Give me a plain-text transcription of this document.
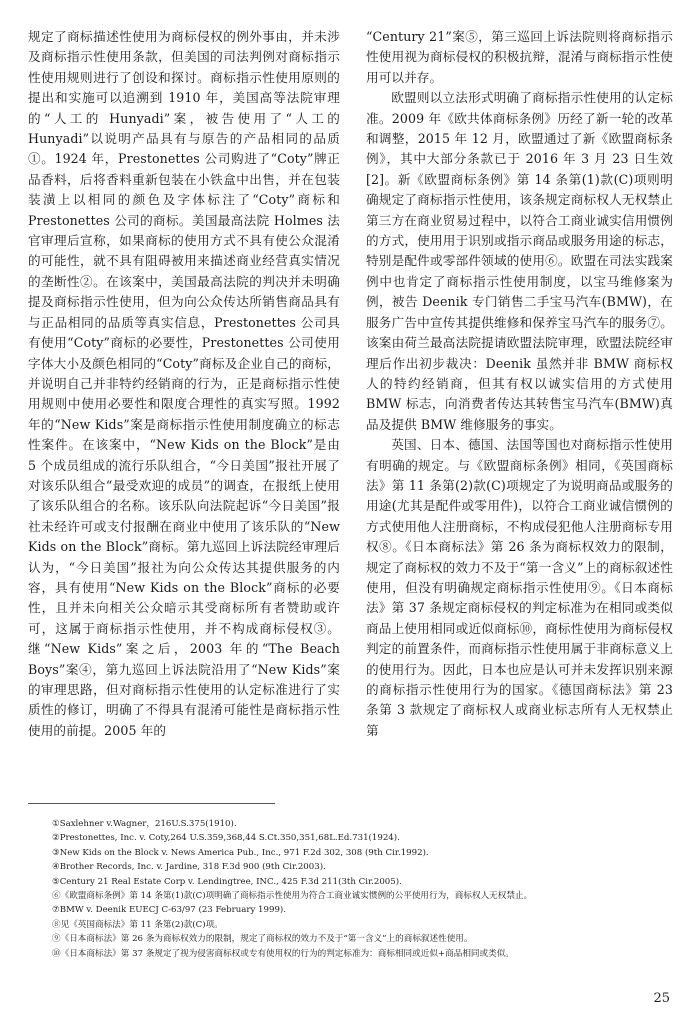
规定了商标描述性使用为商标侵权的例外事由，并未涉及商标指示性使用条款，但美国的司法判例对商标指示性使用规则进行了创设和探讨。商标指示性使用原则的提出和实施可以追溯到 1910 年，美国高等法院审理的“人工的 Hunyadi”案，被告使用了“人工的 Hunyadi”以说明产品具有与原告的产品相同的品质①。1924 年，Prestonettes 公司购进了“Coty”牌正品香料，后将香料重新包装在小铁盒中出售，并在包装装潢上以相同的颜色及字体标注了“Coty”商标和 Prestonettes 公司的商标。美国最高法院 Holmes 法官审理后宣称，如果商标的使用方式不具有使公众混淆的可能性，就不具有阻碍被用来描述商业经营真实情况的垄断性②。在该案中，美国最高法院的判决并未明确提及商标指示性使用，但为向公众传达所销售商品具有与正品相同的品质等真实信息，Prestonettes 公司具有使用“Coty”商标的必要性，Prestonettes 公司使用字体大小及颜色相同的“Coty”商标及企业自己的商标，并说明自己并非特约经销商的行为，正是商标指示性使用规则中使用必要性和限度合理性的真实写照。1992 年的“New Kids”案是商标指示性使用制度确立的标志性案件。在该案中，“New Kids on the Block”是由 5 个成员组成的流行乐队组合，“今日美国”报社开展了对该乐队组合“最受欢迎的成员”的调查，在报纸上使用了该乐队组合的名称。该乐队向法院起诉“今日美国”报社未经许可或支付报酬在商业中使用了该乐队的“New Kids on the Block”商标。第九巡回上诉法院经审理后认为，“今日美国”报社为向公众传达其提供服务的内容，具有使用“New Kids on the Block”商标的必要性，且并未向相关公众暗示其受商标所有者赞助或许可，这属于商标指示性使用，并不构成商标侵权③。继“New Kids”案之后，2003 年的“The Beach Boys”案④，第九巡回上诉法院沿用了“New Kids”案的审理思路，但对商标指示性使用的认定标准进行了实质性的修订，明确了不得具有混淆可能性是商标指示性使用的前提。2005 年的

“Century 21”案⑤，第三巡回上诉法院则将商标指示性使用视为商标侵权的积极抗辩，混淆与商标指示性使用可以并存。

欧盟则以立法形式明确了商标指示性使用的认定标准。2009 年《欧共体商标条例》历经了新一轮的改革和调整，2015 年 12 月，欧盟通过了新《欧盟商标条例》，其中大部分条款已于 2016 年 3 月 23 日生效[2]。新《欧盟商标条例》第 14 条第(1)款(C)项则明确规定了商标指示性使用，该条规定商标权人无权禁止第三方在商业贸易过程中，以符合工商业诚实信用惯例的方式，使用用于识别或指示商品或服务用途的标志，特别是配件或零部件领域的使用⑥。欧盟在司法实践案例中也肯定了商标指示性使用制度，以宝马维修案为例，被告 Deenik 专门销售二手宝马汽车(BMW)，在服务广告中宣传其提供维修和保养宝马汽车的服务⑦。该案由荷兰最高法院提请欧盟法院审理，欧盟法院经审理后作出初步裁决：Deenik 虽然并非 BMW 商标权人的特约经销商，但其有权以诚实信用的方式使用 BMW 标志，向消费者传达其转售宝马汽车(BMW)真品及提供 BMW 维修服务的事实。

英国、日本、德国、法国等国也对商标指示性使用有明确的规定。与《欧盟商标条例》相同，《英国商标法》第 11 条第(2)款(C)项规定了为说明商品或服务的用途(尤其是配件或零用件)，以符合工商业诚信惯例的方式使用他人注册商标，不构成侵犯他人注册商标专用权⑧。《日本商标法》第 26 条为商标权效力的限制，规定了商标权的效力不及于“第一含义”上的商标叙述性使用，但没有明确规定商标指示性使用⑨。《日本商标法》第 37 条规定商标侵权的判定标准为在相同或类似商品上使用相同或近似商标⑩，商标性使用为商标侵权判定的前置条件，而商标指示性使用属于非商标意义上的使用行为。因此，日本也应是认可并未发挥识别来源的商标指示性使用行为的国家。《德国商标法》第 23 条第 3 款规定了商标权人或商业标志所有人无权禁止第

①Saxlehner v.Wagner，216U.S.375(1910).
②Prestonettes, Inc. v. Coty,264 U.S.359,368,44 S.Ct.350,351,68L.Ed.731(1924).
③New Kids on the Block v. News America Pub., Inc., 971 F.2d 302, 308 (9th Cir.1992).
④Brother Records, Inc. v. Jardine, 318 F.3d 900 (9th Cir.2003).
⑤Century 21 Real Estate Corp v. Lendingtree, INC., 425 F.3d 211(3th Cir.2005).
⑥《欧盟商标条例》第 14 条第(1)款(C)项明确了商标指示性使用为符合工商业诚实惯例的公平使用行为，商标权人无权禁止。
⑦BMW v. Deenik EUECJ C-63/97 (23 February 1999).
⑧见《英国商标法》第 11 条第(2)款(C)项。
⑨《日本商标法》第 26 条为商标权效力的限制，规定了商标权的效力不及于“第一含义”上的商标叙述性使用。
⑩《日本商标法》第 37 条规定了视为侵害商标权或专有使用权的行为的判定标准为：商标相同或近似+商品相同或类似。
25
